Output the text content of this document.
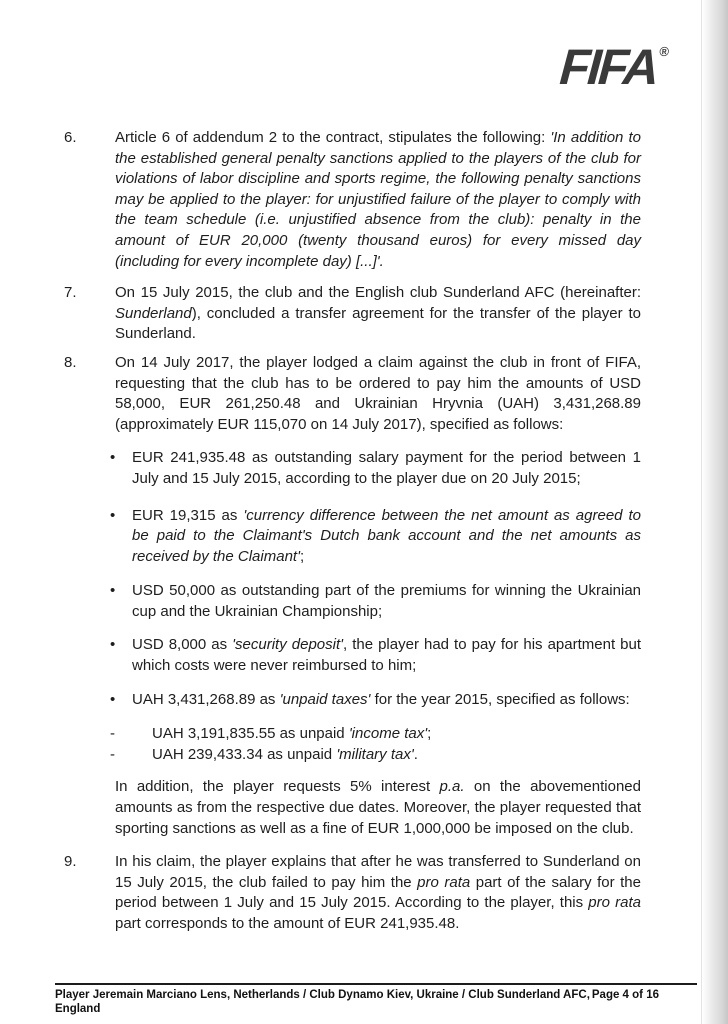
FIFA®
6.	Article 6 of addendum 2 to the contract, stipulates the following: 'In addition to the established general penalty sanctions applied to the players of the club for violations of labor discipline and sports regime, the following penalty sanctions may be applied to the player: for unjustified failure of the player to comply with the team schedule (i.e. unjustified absence from the club): penalty in the amount of EUR 20,000 (twenty thousand euros) for every missed day (including for every incomplete day) [...]'.

7.	On 15 July 2015, the club and the English club Sunderland AFC (hereinafter: Sunderland), concluded a transfer agreement for the transfer of the player to Sunderland.

8.	On 14 July 2017, the player lodged a claim against the club in front of FIFA, requesting that the club has to be ordered to pay him the amounts of USD 58,000, EUR 261,250.48 and Ukrainian Hryvnia (UAH) 3,431,268.89 (approximately EUR 115,070 on 14 July 2017), specified as follows:

•	EUR 241,935.48 as outstanding salary payment for the period between 1 July and 15 July 2015, according to the player due on 20 July 2015;

•	EUR 19,315 as 'currency difference between the net amount as agreed to be paid to the Claimant's Dutch bank account and the net amounts as received by the Claimant';

•	USD 50,000 as outstanding part of the premiums for winning the Ukrainian cup and the Ukrainian Championship;

•	USD 8,000 as 'security deposit', the player had to pay for his apartment but which costs were never reimbursed to him;

•	UAH 3,431,268.89 as 'unpaid taxes' for the year 2015, specified as follows:

-	UAH 3,191,835.55 as unpaid 'income tax';

-	UAH 239,433.34 as unpaid 'military tax'.

In addition, the player requests 5% interest p.a. on the abovementioned amounts as from the respective due dates. Moreover, the player requested that sporting sanctions as well as a fine of EUR 1,000,000 be imposed on the club.

9.	In his claim, the player explains that after he was transferred to Sunderland on 15 July 2015, the club failed to pay him the pro rata part of the salary for the period between 1 July and 15 July 2015. According to the player, this pro rata part corresponds to the amount of EUR 241,935.48.

Player Jeremain Marciano Lens, Netherlands / Club Dynamo Kiev, Ukraine / Club Sunderland AFC, England
Page 4 of 16
